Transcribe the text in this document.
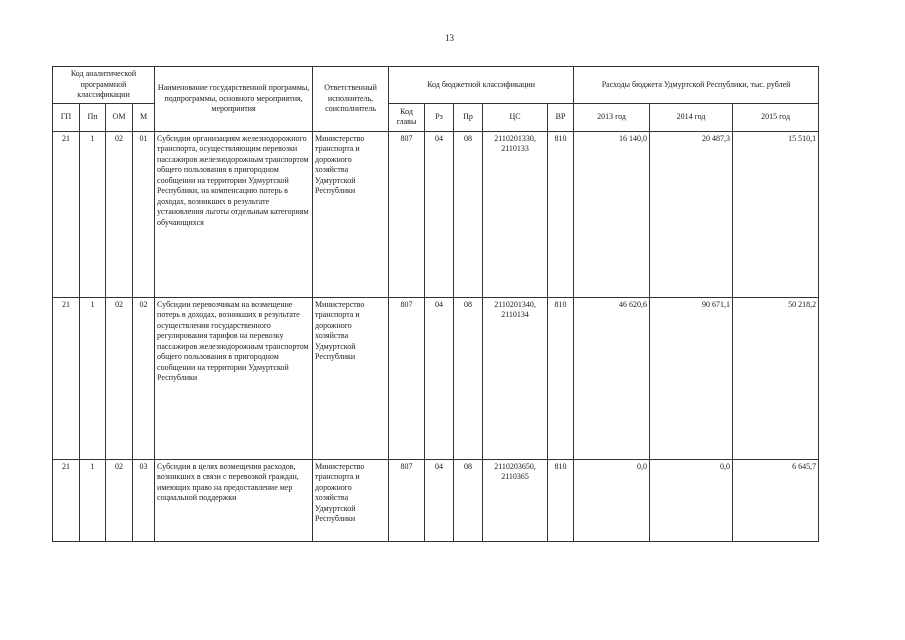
13
Код аналитической программной классификации				Наименование государственной программы, подпрограммы, основного мероприятия, мероприятия	Ответственный исполнитель, соисполнитель	Код бюджетной классификации					Расходы бюджета Удмуртской Республики, тыс. рублей		

ГП	Пп	ОМ	М			Код главы	Рз	Пр	ЦС	ВР	2013 год	2014 год	2015 год
21	1	02	01	Субсидии организациям железнодорожного транспорта, осуществляющим перевозки пассажиров железнодорожным транспортом общего пользования в пригородном сообщении на территории Удмуртской Республики, на компенсацию потерь в доходах, возникших в результате установления льготы отдельным категориям обучающихся	Министерство транспорта и дорожного хозяйства Удмуртской Республики	807	04	08	2110201330, 2110133	810	16 140,0	20 487,3	15 510,1
21	1	02	02	Субсидии перевозчикам на возмещение потерь в доходах, возникших в результате осуществления государственного регулирования тарифов на перевозку пассажиров железнодорожным транспортом общего пользования в пригородном сообщении на территории Удмуртской Республики	Министерство транспорта и дорожного хозяйства Удмуртской Республики	807	04	08	2110201340, 2110134	810	46 620,6	90 671,1	50 218,2
21	1	02	03	Субсидии в целях возмещения расходов, возникших в связи с перевозкой граждан, имеющих право на предоставление мер социальной поддержки	Министерство транспорта и дорожного хозяйства Удмуртской Республики	807	04	08	2110203650, 2110365	810	0,0	0,0	6 645,7
